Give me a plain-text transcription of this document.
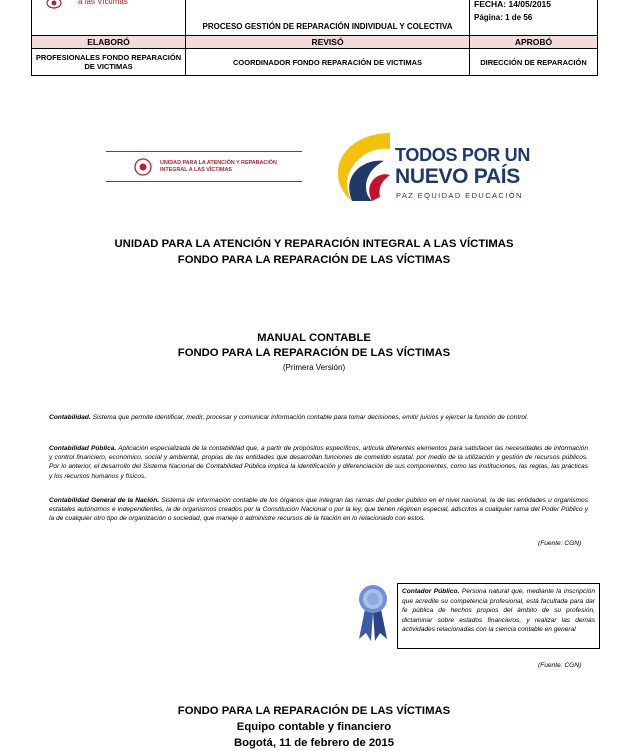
a las Víctimas	PROCESO GESTIÓN DE REPARACIÓN INDIVIDUAL Y COLECTIVA	FECHA: 14/05/2015
Página: 1 de 56

ELABORÓ	REVISÓ	APROBÓ
PROFESIONALES FONDO REPARACIÓN DE VICTIMAS	COORDINADOR FONDO REPARACIÓN DE VICTIMAS	DIRECCIÓN DE REPARACIÓN
UNIDAD PARA LA ATENCIÓN Y REPARACIÓN INTEGRAL A LAS VÍCTIMAS
TODOS POR UN
NUEVO PAÍS
PAZ EQUIDAD EDUCACIÓN
UNIDAD PARA LA ATENCIÓN Y REPARACIÓN INTEGRAL A LAS VÍCTIMAS
FONDO PARA LA REPARACIÓN DE LAS VÍCTIMAS
MANUAL CONTABLE
FONDO PARA LA REPARACIÓN DE LAS VÍCTIMAS
(Primera Versión)
Contabilidad. Sistema que permite identificar, medir, procesar y comunicar información contable para tomar decisiones, emitir juicios y ejercer la función de control.
Contabilidad Pública. Aplicación especializada de la contabilidad que, a partir de propósitos específicos, articula diferentes elementos para satisfacer las necesidades de información y control financiero, económico, social y ambiental, propias de las entidades que desarrollan funciones de cometido estatal, por medio de la utilización y gestión de recursos públicos. Por lo anterior, el desarrollo del Sistema Nacional de Contabilidad Pública implica la identificación y diferenciación de sus componentes, como las instituciones, las reglas, las prácticas y los recursos humanos y físicos.
Contabilidad General de la Nación. Sistema de información contable de los órganos que integran las ramas del poder público en el nivel nacional, la de las entidades u organismos estatales autónomos e independientes, la de organismos creados por la Constitución Nacional o por la ley, que tienen régimen especial, adscritos a cualquier rama del Poder Público y la de cualquier otro tipo de organización o sociedad, que maneje o administre recursos de la Nación en lo relacionado con estos.
(Fuente: CGN)
Contador Público. Persona natural que, mediante la inscripción que acredite su competencia profesional, está facultada para dar fe pública de hechos propios del ámbito de su profesión, dictaminar sobre estados financieros, y realizar las demás actividades relacionadas con la ciencia contable en general
(Fuente: CGN)
FONDO PARA LA REPARACIÓN DE LAS VÍCTIMAS
Equipo contable y financiero
Bogotá, 11 de febrero de 2015
